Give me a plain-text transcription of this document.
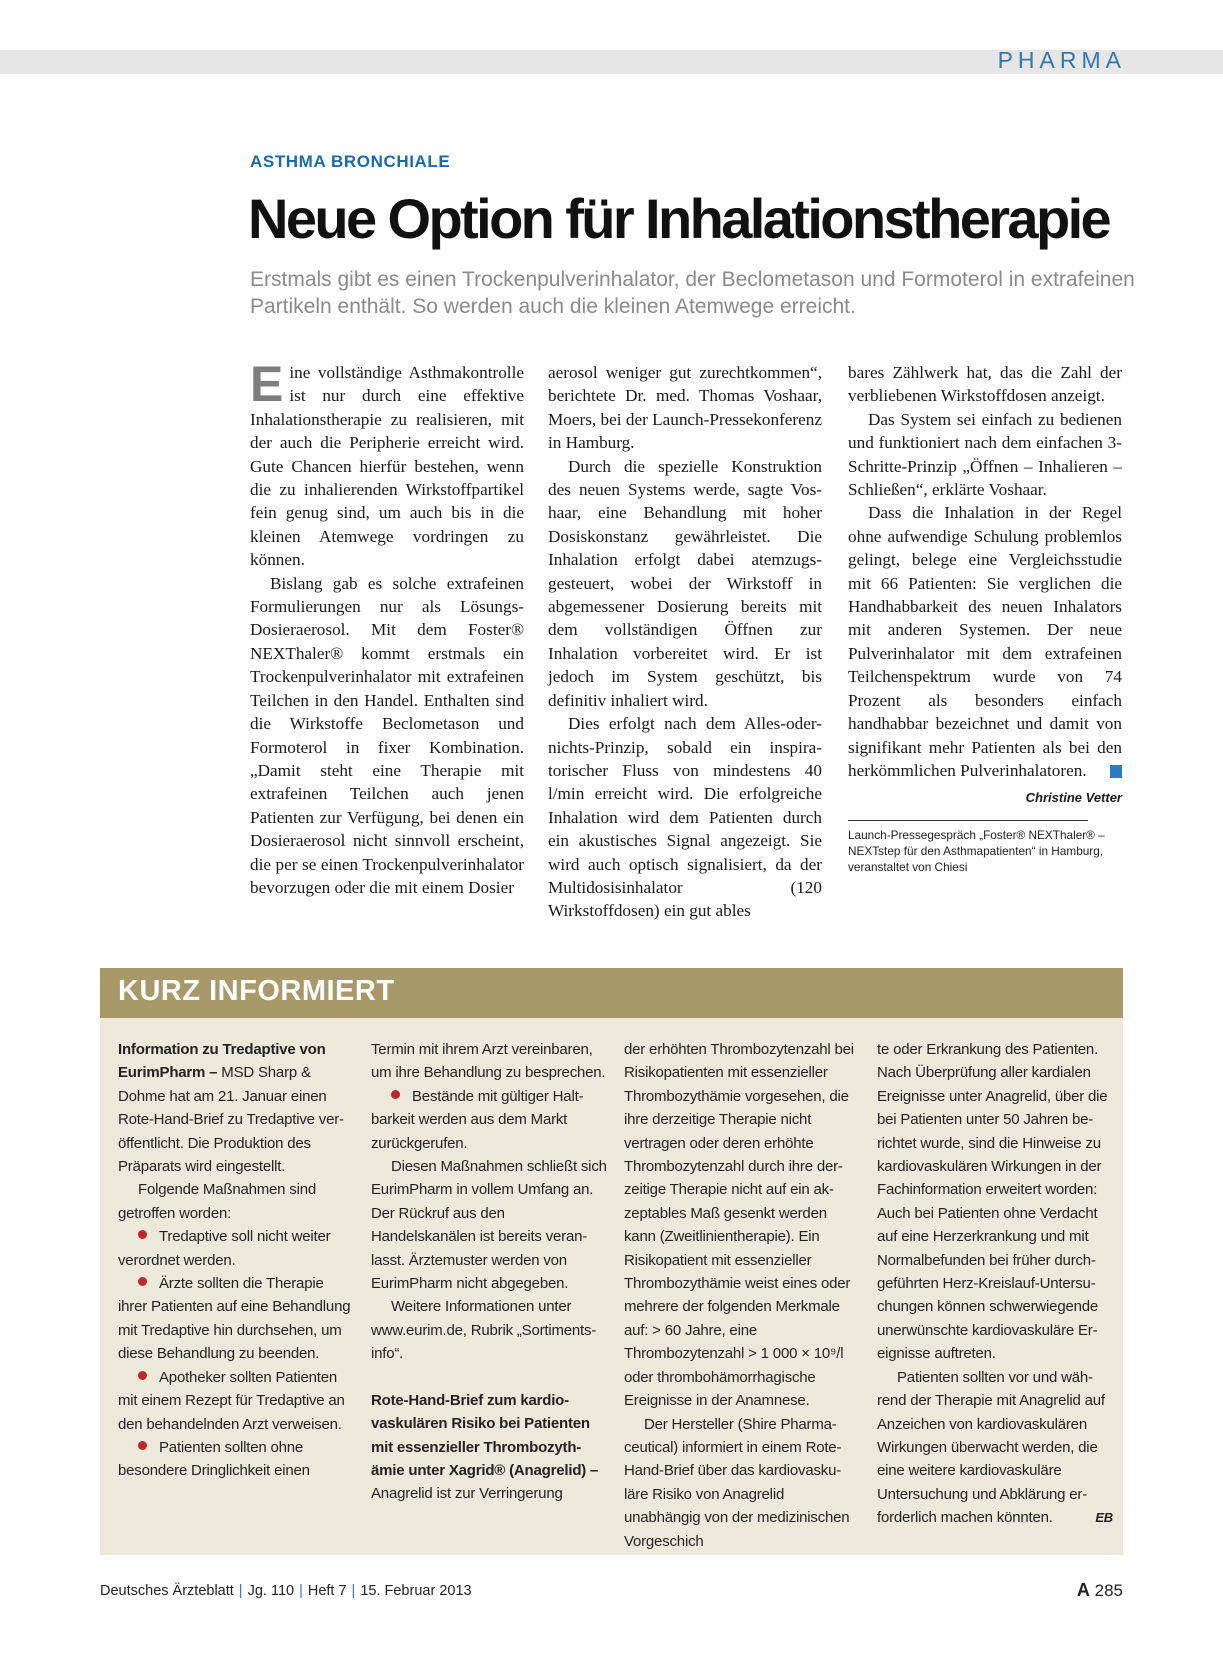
PHARMA
ASTHMA BRONCHIALE
Neue Option für Inhalationstherapie

Erstmals gibt es einen Trockenpulverinhalator, der Beclometason und Formoterol in extrafeinen Partikeln enthält. So werden auch die kleinen Atemwege erreicht.

Eine vollständige Asthmakontrolle ist nur durch eine effektive Inhalationstherapie zu realisieren, mit der auch die Peripherie erreicht wird. Gute Chancen hierfür bestehen, wenn die zu inhalierenden Wirkstoffpartikel fein genug sind, um auch bis in die kleinen Atemwege vordringen zu können.

Bislang gab es solche extrafeinen Formulierungen nur als Lösungs-Dosieraerosol. Mit dem Foster® NEXThaler® kommt erstmals ein Trockenpulverinhalator mit extrafeinen Teilchen in den Handel. Enthalten sind die Wirkstoffe Beclometason und Formoterol in fixer Kombination. „Damit steht eine Therapie mit extrafeinen Teilchen auch jenen Patienten zur Verfügung, bei denen ein Dosieraerosol nicht sinnvoll erscheint, die per se einen Trockenpulverinhalator bevorzugen oder die mit einem Dosier

aerosol weniger gut zurechtkommen“, berichtete Dr. med. Thomas Voshaar, Moers, bei der Launch-Pressekonferenz in Hamburg.

Durch die spezielle Konstruktion des neuen Systems werde, sagte Voshaar, eine Behandlung mit hoher Dosiskonstanz gewährleistet. Die Inhalation erfolgt dabei atemzugsgesteuert, wobei der Wirkstoff in abgemessener Dosierung bereits mit dem vollständigen Öffnen zur Inhalation vorbereitet wird. Er ist jedoch im System geschützt, bis definitiv inhaliert wird.

Dies erfolgt nach dem Alles-oder-nichts-Prinzip, sobald ein inspiratorischer Fluss von mindestens 40 l/min erreicht wird. Die erfolgreiche Inhalation wird dem Patienten durch ein akustisches Signal angezeigt. Sie wird auch optisch signalisiert, da der Multidosisinhalator (120 Wirkstoffdosen) ein gut ables

bares Zählwerk hat, das die Zahl der verbliebenen Wirkstoffdosen anzeigt.

Das System sei einfach zu bedienen und funktioniert nach dem einfachen 3-Schritte-Prinzip „Öffnen – Inhalieren – Schließen“, erklärte Voshaar.

Dass die Inhalation in der Regel ohne aufwendige Schulung problemlos gelingt, belege eine Vergleichsstudie mit 66 Patienten: Sie verglichen die Handhabbarkeit des neuen Inhalators mit anderen Systemen. Der neue Pulverinhalator mit dem extrafeinen Teilchenspektrum wurde von 74 Prozent als besonders einfach handhabbar bezeichnet und damit von signifikant mehr Patienten als bei den herkömmlichen Pulverinhalatoren.

Christine Vetter
Launch-Pressegespräch „Foster® NEXThaler® – NEXTstep für den Asthmapatienten“ in Hamburg, veranstaltet von Chiesi
KURZ INFORMIERT

Information zu Tredaptive von EurimPharm – MSD Sharp & Dohme hat am 21. Januar einen Rote-Hand-Brief zu Tredaptive veröffentlicht. Die Produktion des Präparats wird eingestellt.

Folgende Maßnahmen sind getroffen worden:

Tredaptive soll nicht weiter verordnet werden.

Ärzte sollten die Therapie ihrer Patienten auf eine Behandlung mit Tredaptive hin durchsehen, um diese Behandlung zu beenden.

Apotheker sollten Patienten mit einem Rezept für Tredaptive an den behandelnden Arzt verweisen.

Patienten sollten ohne besondere Dringlichkeit einen

Termin mit ihrem Arzt vereinbaren, um ihre Behandlung zu besprechen.

Bestände mit gültiger Haltbarkeit werden aus dem Markt zurückgerufen.

Diesen Maßnahmen schließt sich EurimPharm in vollem Umfang an. Der Rückruf aus den Handelskanälen ist bereits veranlasst. Ärztemuster werden von EurimPharm nicht abgegeben.

Weitere Informationen unter www.eurim.de, Rubrik „Sortimentsinfo“.

Rote-Hand-Brief zum kardiovaskulären Risiko bei Patienten mit essenzieller Thrombozythämie unter Xagrid® (Anagrelid) – Anagrelid ist zur Verringerung

der erhöhten Thrombozytenzahl bei Risikopatienten mit essenzieller Thrombozythämie vorgesehen, die ihre derzeitige Therapie nicht vertragen oder deren erhöhte Thrombozytenzahl durch ihre derzeitige Therapie nicht auf ein akzeptables Maß gesenkt werden kann (Zweitlinientherapie). Ein Risikopatient mit essenzieller Thrombozythämie weist eines oder mehrere der folgenden Merkmale auf: > 60 Jahre, eine Thrombozytenzahl > 1 000 × 10⁹/l oder thrombohämorrhagische Ereignisse in der Anamnese.

Der Hersteller (Shire Pharmaceutical) informiert in einem Rote-Hand-Brief über das kardiovaskuläre Risiko von Anagrelid unabhängig von der medizinischen Vorgeschich

te oder Erkrankung des Patienten. Nach Überprüfung aller kardialen Ereignisse unter Anagrelid, über die bei Patienten unter 50 Jahren berichtet wurde, sind die Hinweise zu kardiovaskulären Wirkungen in der Fachinformation erweitert worden: Auch bei Patienten ohne Verdacht auf eine Herzerkrankung und mit Normalbefunden bei früher durchgeführten Herz-Kreislauf-Untersuchungen können schwerwiegende unerwünschte kardiovaskuläre Ereignisse auftreten.

Patienten sollten vor und während der Therapie mit Anagrelid auf Anzeichen von kardiovaskulären Wirkungen überwacht werden, die eine weitere kardiovaskuläre Untersuchung und Abklärung erforderlich machen könnten.	EB

Deutsches Ärzteblatt | Jg. 110 | Heft 7 | 15. Februar 2013	A 285
